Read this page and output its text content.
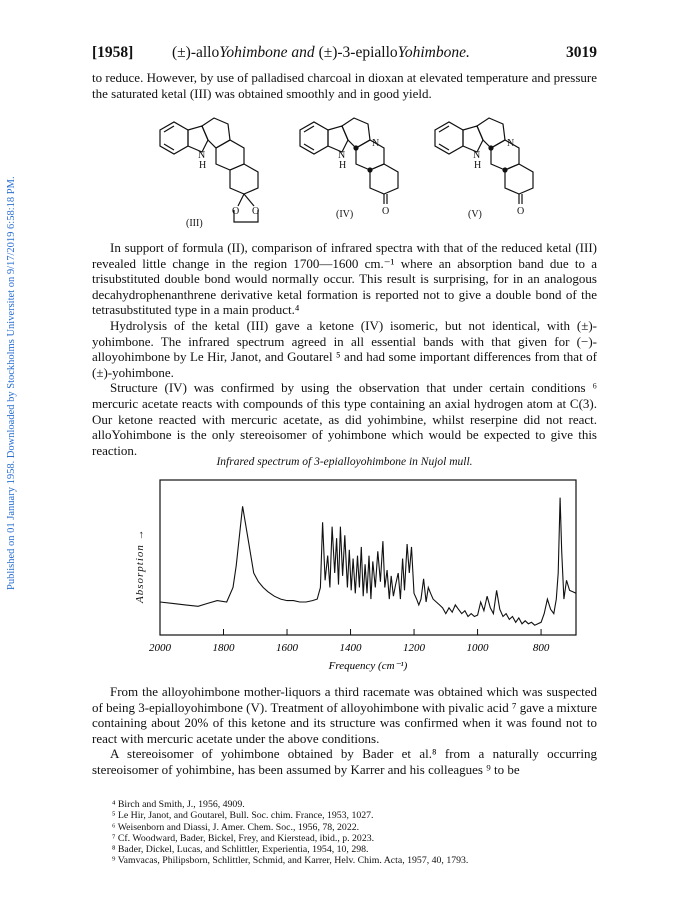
Published on 01 January 1958. Downloaded by Stockholms Universitet on 9/17/2019 6:58:18 PM.
[1958] (±)-alloYohimbone and (±)-3-epialloYohimbone.	3019

to reduce. However, by use of palladised charcoal in dioxan at elevated temperature and pressure the saturated ketal (III) was obtained smoothly and in good yield.

N
H
N
H
N
H
N	N
O O	O	O
(III)
(IV)	(V)

In support of formula (II), comparison of infrared spectra with that of the reduced ketal (III) revealed little change in the region 1700—1600 cm.⁻¹ where an absorption band due to a trisubstituted double bond would normally occur. This result is surprising, for in an analogous decahydrophenanthrene derivative ketal formation is reported not to give a double bond of the tetrasubstituted type in a main product.⁴

Hydrolysis of the ketal (III) gave a ketone (IV) isomeric, but not identical, with (±)-yohimbone. The infrared spectrum agreed in all essential bands with that given for (−)-alloyohimbone by Le Hir, Janot, and Goutarel ⁵ and had some important differences from that of (±)-yohimbone.

Structure (IV) was confirmed by using the observation that under certain conditions ⁶ mercuric acetate reacts with compounds of this type containing an axial hydrogen atom at C(3). Our ketone reacted with mercuric acetate, as did yohimbine, whilst reserpine did not react. alloYohimbone is the only stereoisomer of yohimbone which would be expected to give this reaction.

Infrared spectrum of 3-epialloyohimbone in Nujol mull.
Absorption →
2000	1800	1600	1400	1200	1000	800
Frequency (cm⁻¹)

From the alloyohimbone mother-liquors a third racemate was obtained which was suspected of being 3-epialloyohimbone (V). Treatment of alloyohimbone with pivalic acid ⁷ gave a mixture containing about 20% of this ketone and its structure was confirmed when it was found not to react with mercuric acetate under the above conditions.

A stereoisomer of yohimbone obtained by Bader et al.⁸ from a naturally occurring stereoisomer of yohimbine, has been assumed by Karrer and his colleagues ⁹ to be

⁴ Birch and Smith, J., 1956, 4909.
⁵ Le Hir, Janot, and Goutarel, Bull. Soc. chim. France, 1953, 1027.
⁶ Weisenborn and Diassi, J. Amer. Chem. Soc., 1956, 78, 2022.
⁷ Cf. Woodward, Bader, Bickel, Frey, and Kierstead, ibid., p. 2023.
⁸ Bader, Dickel, Lucas, and Schlittler, Experientia, 1954, 10, 298.
⁹ Vamvacas, Philipsborn, Schlittler, Schmid, and Karrer, Helv. Chim. Acta, 1957, 40, 1793.
